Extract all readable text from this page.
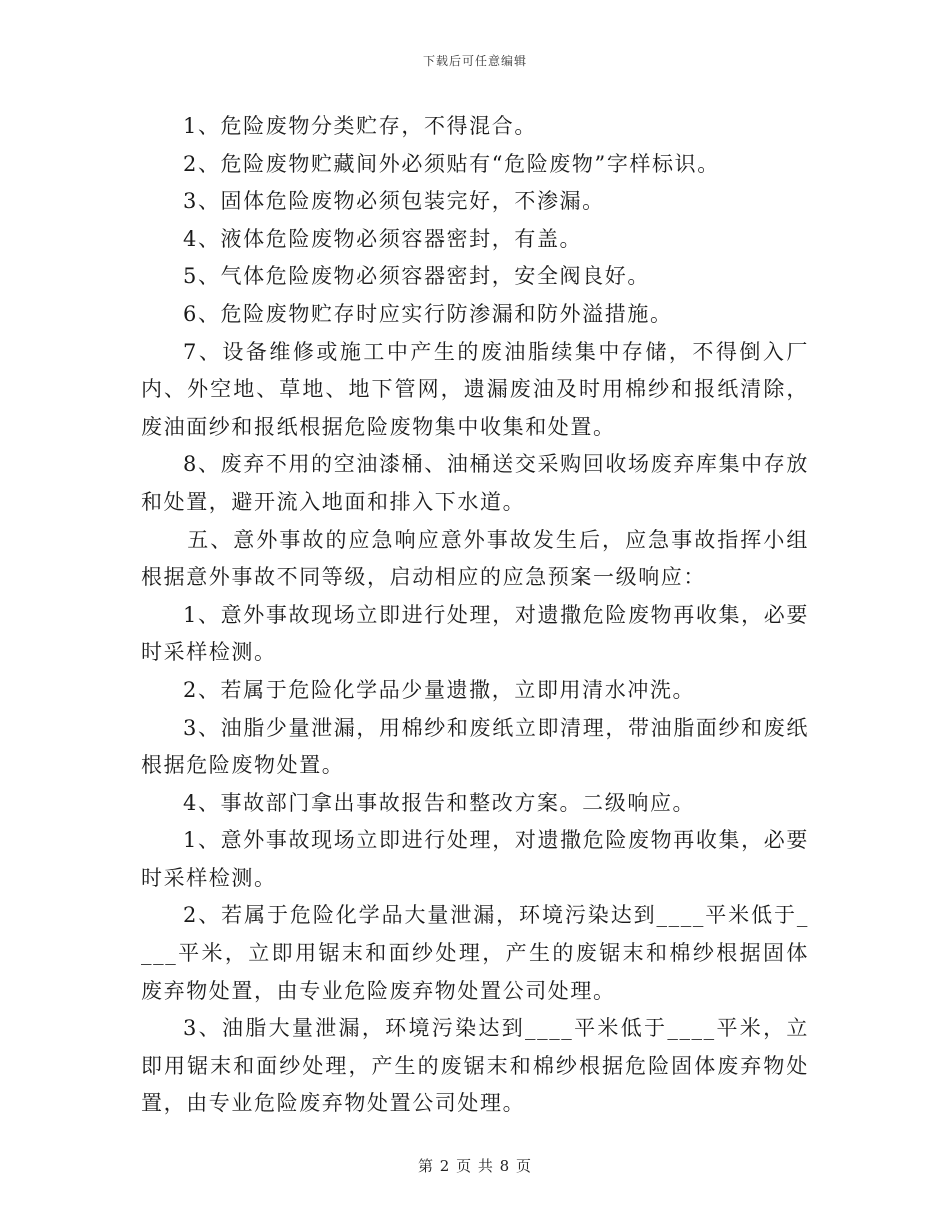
下载后可任意编辑

1、危险废物分类贮存，不得混合。

2、危险废物贮藏间外必须贴有“危险废物”字样标识。

3、固体危险废物必须包装完好，不渗漏。

4、液体危险废物必须容器密封，有盖。

5、气体危险废物必须容器密封，安全阀良好。

6、危险废物贮存时应实行防渗漏和防外溢措施。

7、设备维修或施工中产生的废油脂续集中存储，不得倒入厂内、外空地、草地、地下管网，遗漏废油及时用棉纱和报纸清除，废油面纱和报纸根据危险废物集中收集和处置。

8、废弃不用的空油漆桶、油桶送交采购回收场废弃库集中存放和处置，避开流入地面和排入下水道。

五、意外事故的应急响应意外事故发生后，应急事故指挥小组根据意外事故不同等级，启动相应的应急预案一级响应：

1、意外事故现场立即进行处理，对遗撒危险废物再收集，必要时采样检测。

2、若属于危险化学品少量遗撒，立即用清水冲洗。

3、油脂少量泄漏，用棉纱和废纸立即清理，带油脂面纱和废纸根据危险废物处置。

4、事故部门拿出事故报告和整改方案。二级响应。

1、意外事故现场立即进行处理，对遗撒危险废物再收集，必要时采样检测。

2、若属于危险化学品大量泄漏，环境污染达到____平米低于____平米，立即用锯末和面纱处理，产生的废锯末和棉纱根据固体废弃物处置，由专业危险废弃物处置公司处理。

3、油脂大量泄漏，环境污染达到____平米低于____平米，立即用锯末和面纱处理，产生的废锯末和棉纱根据危险固体废弃物处置，由专业危险废弃物处置公司处理。

第 2 页 共 8 页
